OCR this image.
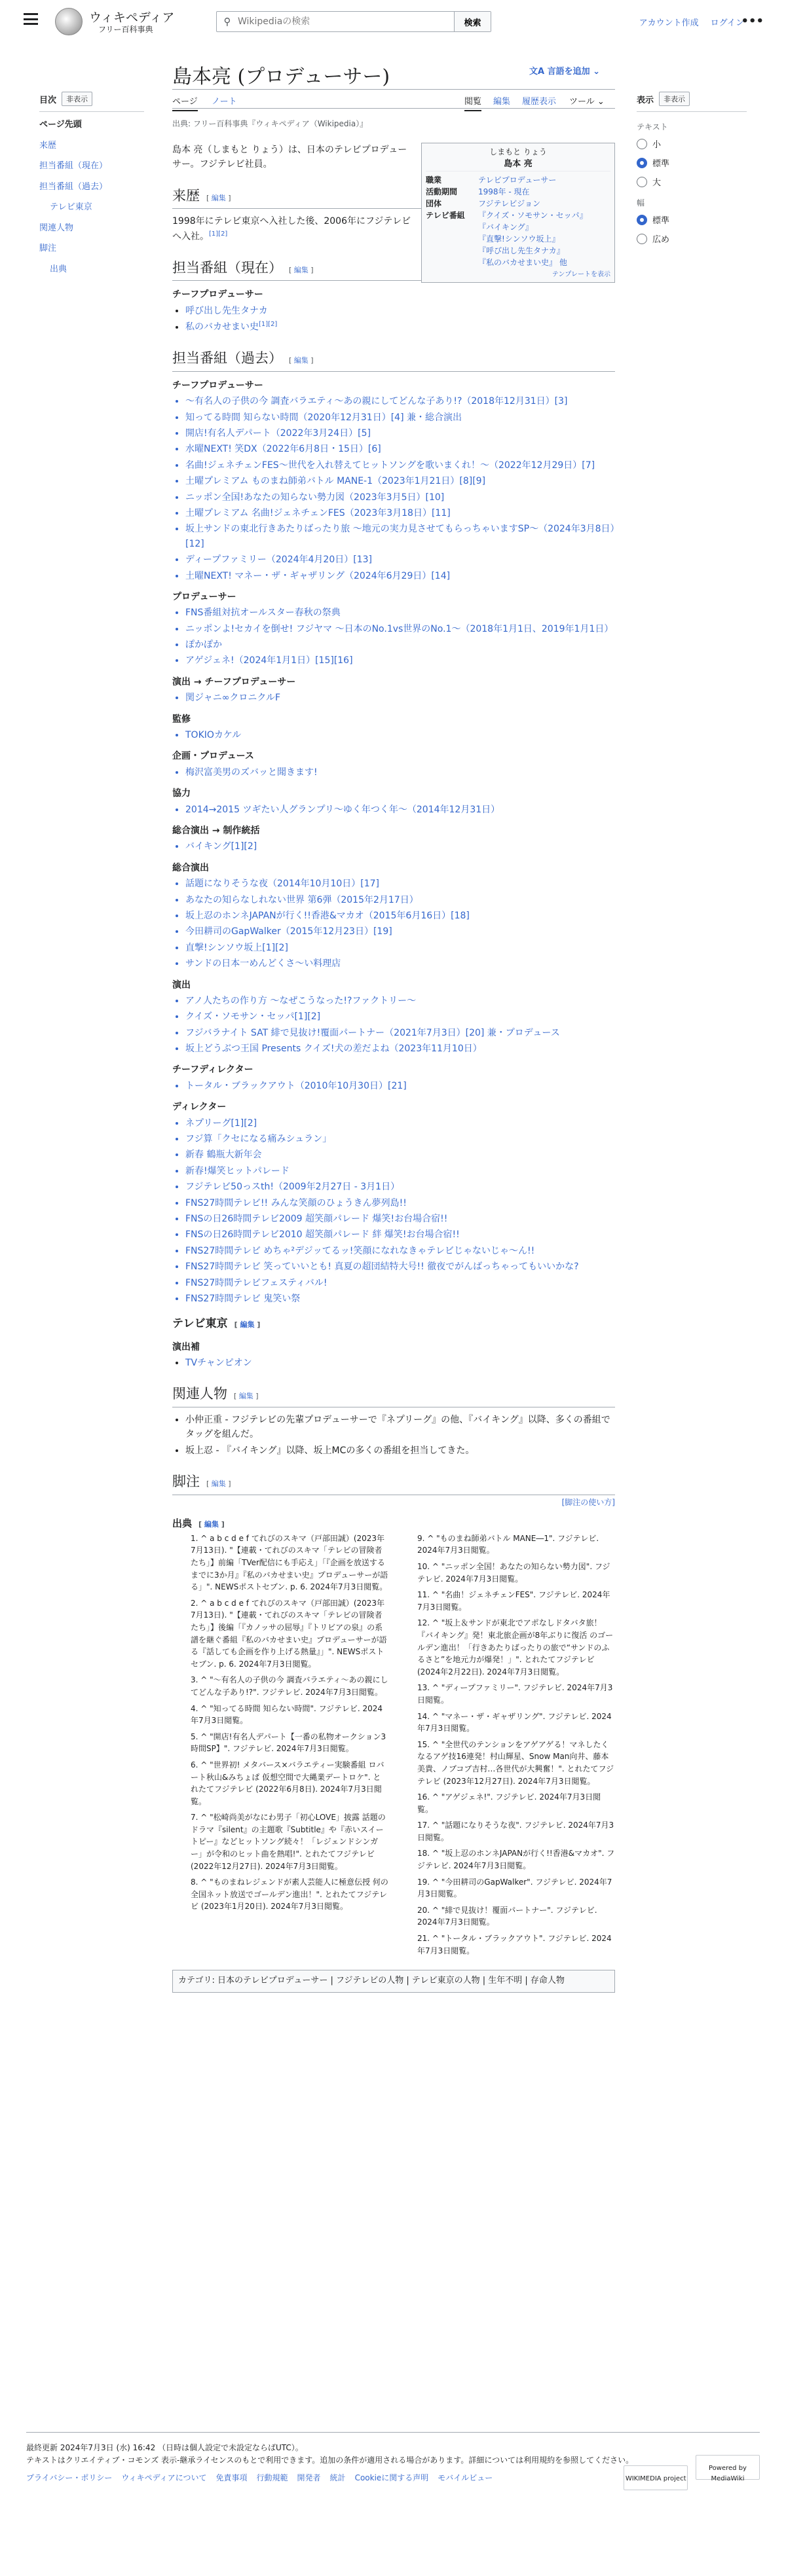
ウィキペディア
フリー百科事典
⚲
Wikipediaの検索	検索	アカウント作成 ログイン
•••
目次	非表示
ページ先頭
来歴
担当番組（現在）
担当番組（過去）
テレビ東京
関連人物
脚注
出典
島本亮 (プロデューサー)	文A 言語を追加 ⌄
ページ ノート	閲覧 編集 履歴表示 ツール ⌄
出典: フリー百科事典『ウィキペディア（Wikipedia）』
しまもと りょう
島本 亮
職業	テレビプロデューサー
活動期間	1998年 - 現在
団体	フジテレビジョン
テレビ番組	『クイズ・ソモサン・セッパ』
『バイキング』
『直撃!シンソウ坂上』
『呼び出し先生タナカ』
『私のバカせまい史』 他
テンプレートを表示

島本 亮（しまもと りょう）は、日本のテレビプロデューサー。フジテレビ社員。

来歴 [ 編集 ]

1998年にテレビ東京へ入社した後、2006年にフジテレビへ入社。[1][2]

担当番組（現在） [ 編集 ]
チーフプロデューサー
• 呼び出し先生タナカ
• 私のバカせまい史[1][2]
担当番組（過去） [ 編集 ]
チーフプロデューサー
• 〜有名人の子供の今 調査バラエティ〜あの親にしてどんな子あり!?（2018年12月31日）[3]
• 知ってる時間 知らない時間（2020年12月31日）[4] 兼・総合演出
• 開店!有名人デパート（2022年3月24日）[5]
• 水曜NEXT! 笑DX（2022年6月8日・15日）[6]
• 名曲!ジェネチェンFES〜世代を入れ替えてヒットソングを歌いまくれ！〜（2022年12月29日）[7]
• 土曜プレミアム ものまね師弟バトル MANE-1（2023年1月21日）[8][9]
• ニッポン全国!あなたの知らない勢力図（2023年3月5日）[10]
• 土曜プレミアム 名曲!ジェネチェンFES（2023年3月18日）[11]
• 坂上サンドの東北行きあたりばったり旅 〜地元の実力見させてもらっちゃいますSP〜（2024年3月8日）[12]
• ディープファミリー（2024年4月20日）[13]
• 土曜NEXT! マネー・ザ・ギャザリング（2024年6月29日）[14]
プロデューサー
• FNS番組対抗オールスター春秋の祭典
• ニッポンよ!セカイを倒せ! フジヤマ 〜日本のNo.1vs世界のNo.1〜（2018年1月1日、2019年1月1日）
• ぽかぽか
• アゲジェネ!（2024年1月1日）[15][16]
演出 → チーフプロデューサー
• 関ジャニ∞クロニクルF
監修
• TOKIOカケル
企画・プロデュース
• 梅沢富美男のズバッと聞きます!
協力
• 2014→2015 ツギたい人グランプリ〜ゆく年つく年〜（2014年12月31日）
総合演出 → 制作統括
• バイキング[1][2]
総合演出
• 話題になりそうな夜（2014年10月10日）[17]
• あなたの知らなしれない世界 第6弾（2015年2月17日）
• 坂上忍のホンネJAPANが行く!!香港&マカオ（2015年6月16日）[18]
• 今田耕司のGapWalker（2015年12月23日）[19]
• 直撃!シンソウ坂上[1][2]
• サンドの日本一めんどくさ〜い料理店
演出
• アノ人たちの作り方 〜なぜこうなった!?ファクトリー〜
• クイズ・ソモサン・セッパ[1][2]
• フジバラナイト SAT 緋で見抜け!覆面パートナー（2021年7月3日）[20] 兼・プロデュース
• 坂上どうぶつ王国 Presents クイズ!犬の差だよね（2023年11月10日）
チーフディレクター
• トータル・ブラックアウト（2010年10月30日）[21]
ディレクター
• ネプリーグ[1][2]
• フジ算「クセになる痛みシュラン」
• 新春 鶴瓶大新年会
• 新春!爆笑ヒットパレード
• フジテレビ50っスth!（2009年2月27日 - 3月1日）
• FNS27時間テレビ!! みんな笑顔のひょうきん夢列島!!
• FNSの日26時間テレビ2009 超笑顔パレード 爆笑!お台場合宿!!
• FNSの日26時間テレビ2010 超笑顔パレード 絆 爆笑!お台場合宿!!
• FNS27時間テレビ めちゃ²デジッてるッ!笑顔になれなきゃテレビじゃないじゃ〜ん!!
• FNS27時間テレビ 笑っていいとも! 真夏の超団結特大号!! 徹夜でがんばっちゃってもいいかな?
• FNS27時間テレビフェスティバル!
• FNS27時間テレビ 鬼笑い祭
テレビ東京 [ 編集 ]
演出補
• TVチャンピオン
関連人物 [ 編集 ]
• 小仲正重 - フジテレビの先輩プロデューサーで『ネプリーグ』の他、『バイキング』以降、多くの番組でタッグを組んだ。
• 坂上忍 - 『バイキング』以降、坂上MCの多くの番組を担当してきた。
脚注 [ 編集 ]
[脚注の使い方]
出典 [ 編集 ]
1. ^ a b c d e f てれびのスキマ（戸部田誠）(2023年7月13日). "【連載・てれびのスキマ「テレビの冒険者たち」】前編「TVer配信にも手応え」「『企画を放送するまでに3か月』『私のバカせまい史』プロデューサーが語る」". NEWSポストセブン. p. 6. 2024年7月3日閲覧。
2. ^ a b c d e f てれびのスキマ（戸部田誠）(2023年7月13日). "【連載・てれびのスキマ「テレビの冒険者たち」】後編「『カノッサの屈辱』『トリビアの泉』の系譜を継ぐ番組『私のバカせまい史』プロデューサーが語る『話しても企画を作り上げる熱量』」". NEWSポストセブン. p. 6. 2024年7月3日閲覧。
3. ^ "〜有名人の子供の今 調査バラエティ〜あの親にしてどんな子あり!?". フジテレビ. 2024年7月3日閲覧。
4. ^ "知ってる時間 知らない時間". フジテレビ. 2024年7月3日閲覧。
5. ^ "開店!有名人デパート【一番の私物オークション3時間SP】". フジテレビ. 2024年7月3日閲覧。
6. ^ "世界初! メタバース×バラエティー実験番組 ロバート秋山&みちょぱ 仮想空間で大縄業デートロケ". とれたてフジテレビ (2022年6月8日). 2024年7月3日閲覧。
7. ^ "松崎尚美がなにわ男子「初心LOVE」披露 話題のドラマ『silent』の主題歌『Subtitle』や『赤いスイートピー』などヒットソング続々！「レジェンドシンガー」が令和のヒット曲を熱唱!". とれたてフジテレビ (2022年12月27日). 2024年7月3日閲覧。
8. ^ "ものまねレジェンドが素人芸能人に極意伝授 何の全国ネット放送でゴールデン進出！". とれたてフジテレビ (2023年1月20日). 2024年7月3日閲覧。
9. ^ "ものまね師弟バトル MANE―1". フジテレビ. 2024年7月3日閲覧。
10. ^ "ニッポン全国！あなたの知らない勢力図". フジテレビ. 2024年7月3日閲覧。
11. ^ "名曲！ジェネチェンFES". フジテレビ. 2024年7月3日閲覧。
12. ^ "坂上＆サンドが東北でアポなしドタバタ旅！『バイキング』発！東北旅企画が8年ぶりに復活 のゴールデン進出！「行きあたりばったりの旅で“サンドのふるさと”を地元力が爆発！」". とれたてフジテレビ (2024年2月22日). 2024年7月3日閲覧。
13. ^ "ディープファミリー". フジテレビ. 2024年7月3日閲覧。
14. ^ "マネー・ザ・ギャザリング". フジテレビ. 2024年7月3日閲覧。
15. ^ "全世代のテンションをアゲアゲる！マネしたくなるアゲ技16連発！村山輝星、Snow Man向井、藤本美貴、ノブコブ吉村…各世代が大興奮！". とれたてフジテレビ (2023年12月27日). 2024年7月3日閲覧。
16. ^ "アゲジェネ!". フジテレビ. 2024年7月3日閲覧。
17. ^ "話題になりそうな夜". フジテレビ. 2024年7月3日閲覧。
18. ^ "坂上忍のホンネJAPANが行く!!香港&マカオ". フジテレビ. 2024年7月3日閲覧。
19. ^ "今田耕司のGapWalker". フジテレビ. 2024年7月3日閲覧。
20. ^ "緋で見抜け！覆面パートナー". フジテレビ. 2024年7月3日閲覧。
21. ^ "トータル・ブラックアウト". フジテレビ. 2024年7月3日閲覧。
カテゴリ: 日本のテレビプロデューサー | フジテレビの人物 | テレビ東京の人物 | 生年不明 | 存命人物
表示	非表示
テキスト
小
標準
大
幅
標準
広め
最終更新 2024年7月3日 (水) 16:42 （日時は個人設定で未設定ならばUTC）。
テキストはクリエイティブ・コモンズ 表示-継承ライセンスのもとで利用できます。追加の条件が適用される場合があります。詳細については利用規約を参照してください。
プライバシー・ポリシー ウィキペディアについて 免責事項 行動規範 開発者 統計 Cookieに関する声明 モバイルビュー	WIKIMEDIA project Powered by MediaWiki
